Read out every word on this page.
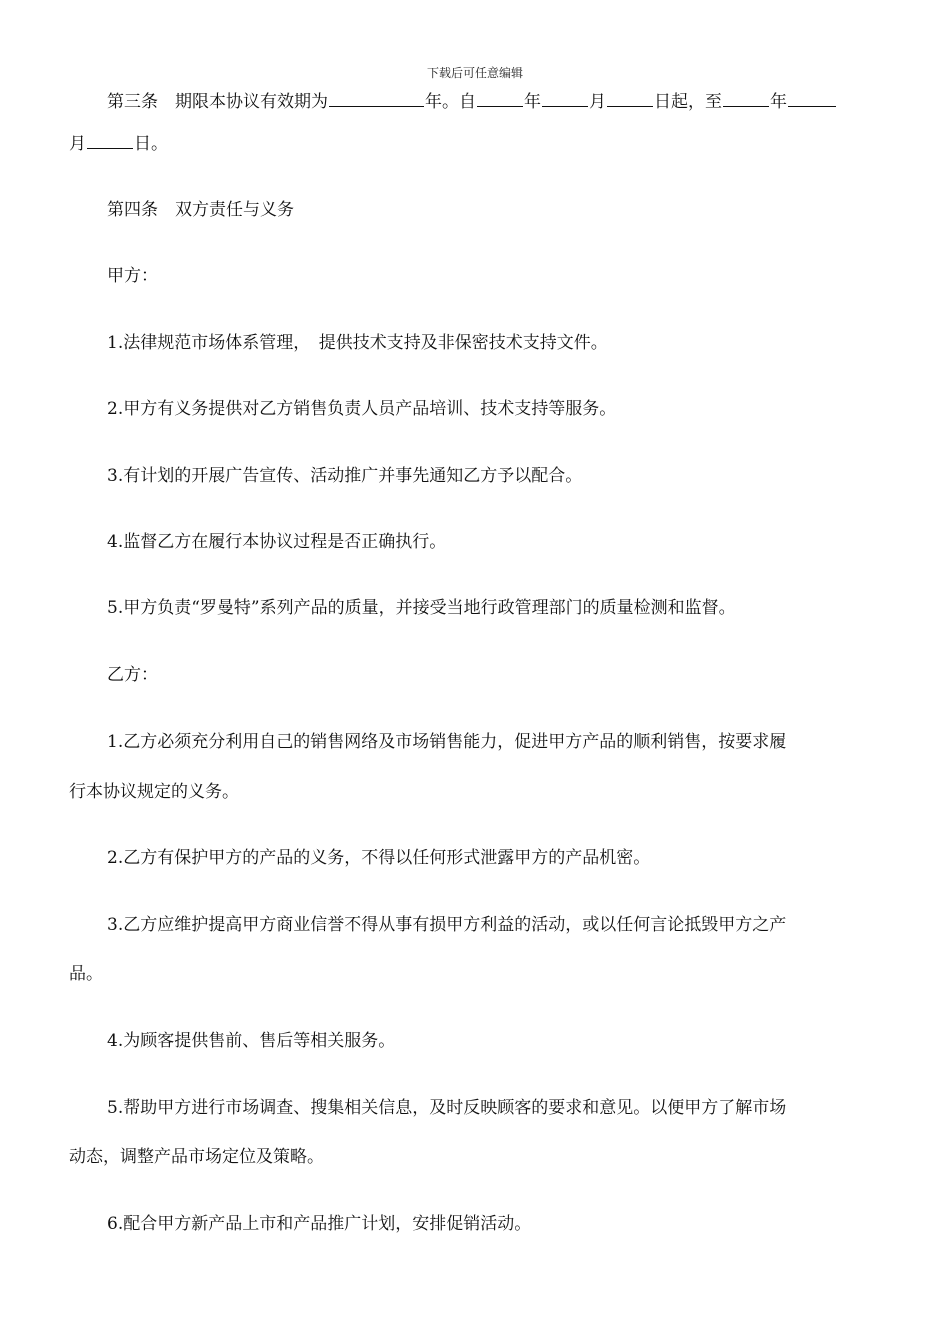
下载后可任意编辑
第三条　期限本协议有效期为	年。自	年	月	日起，至	年
月	日。
第四条　双方责任与义务
甲方：
1.法律规范市场体系管理，　提供技术支持及非保密技术支持文件。
2.甲方有义务提供对乙方销售负责人员产品培训、技术支持等服务。
3.有计划的开展广告宣传、活动推广并事先通知乙方予以配合。
4.监督乙方在履行本协议过程是否正确执行。
5.甲方负责“罗曼特”系列产品的质量，并接受当地行政管理部门的质量检测和监督。
乙方：
1.乙方必须充分利用自己的销售网络及市场销售能力，促进甲方产品的顺利销售，按要求履
行本协议规定的义务。
2.乙方有保护甲方的产品的义务，不得以任何形式泄露甲方的产品机密。
3.乙方应维护提高甲方商业信誉不得从事有损甲方利益的活动，或以任何言论抵毁甲方之产
品。
4.为顾客提供售前、售后等相关服务。
5.帮助甲方进行市场调查、搜集相关信息，及时反映顾客的要求和意见。以便甲方了解市场
动态，调整产品市场定位及策略。
6.配合甲方新产品上市和产品推广计划，安排促销活动。
